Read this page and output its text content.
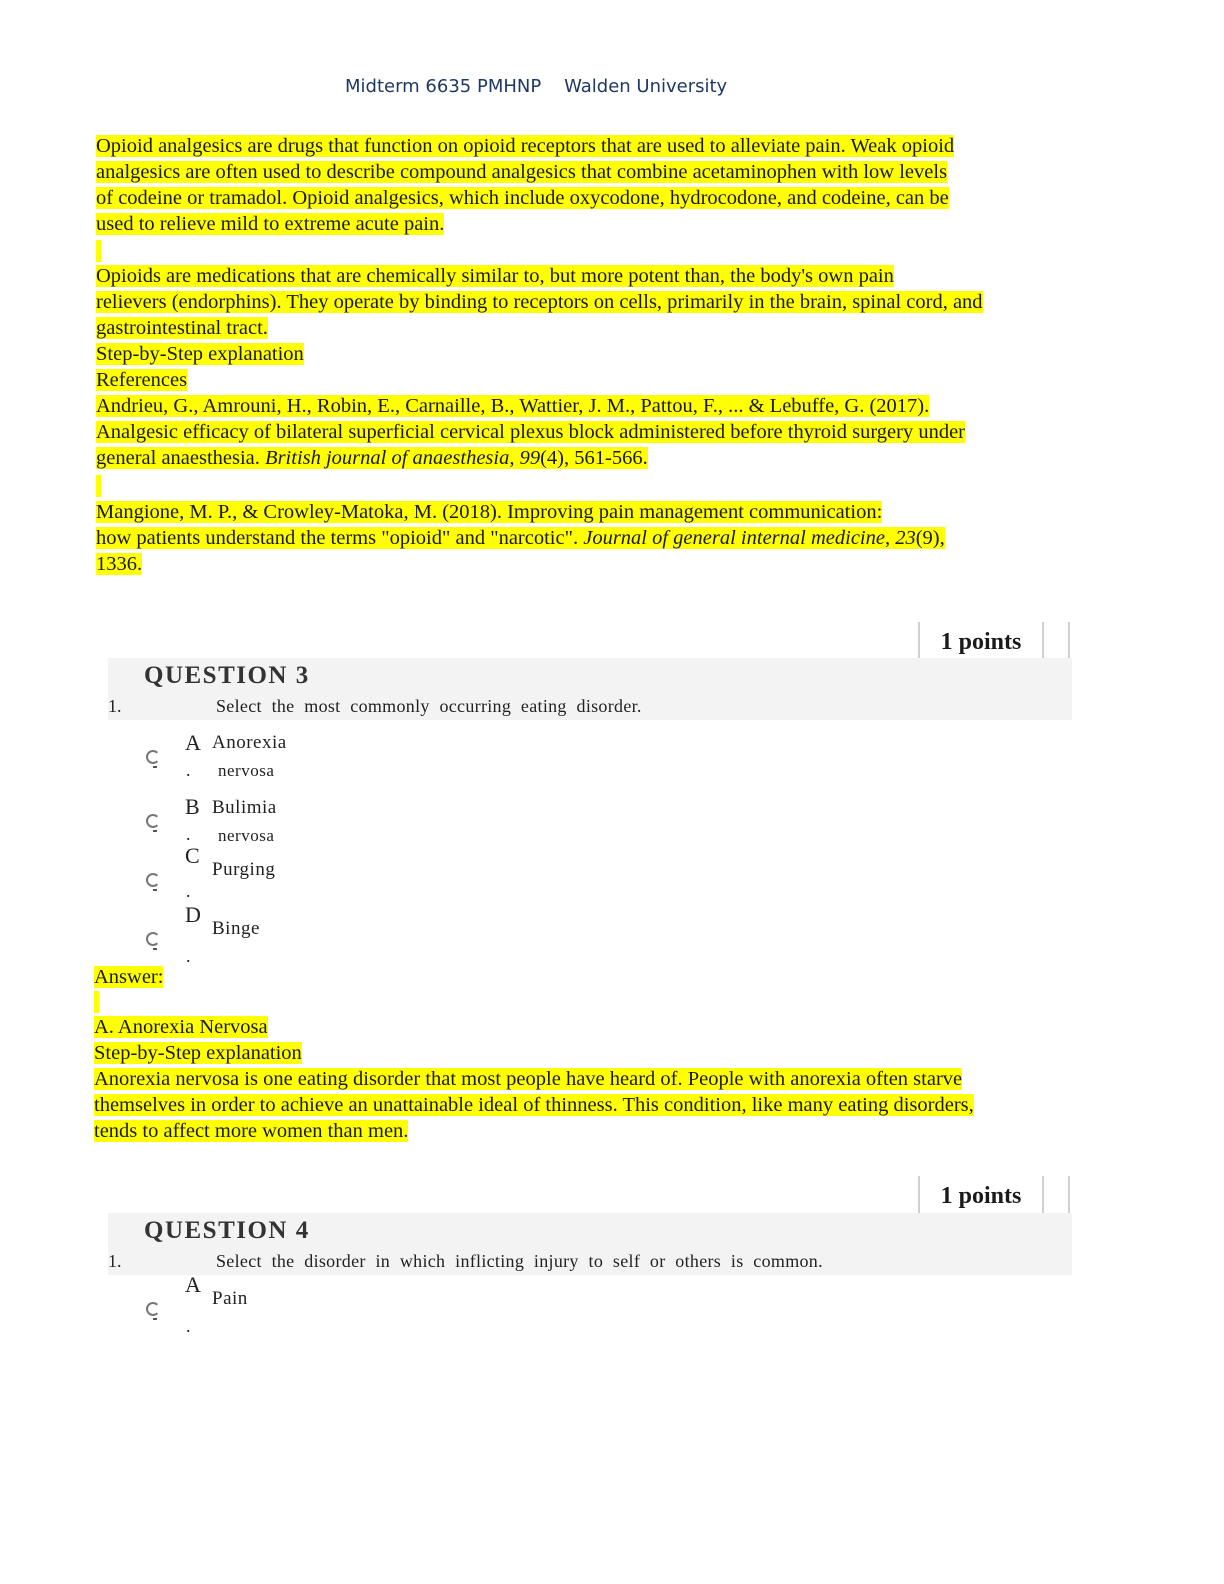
Midterm 6635 PMHNP    Walden University
Opioid analgesics are drugs that function on opioid receptors that are used to alleviate pain. Weak opioid
analgesics are often used to describe compound analgesics that combine acetaminophen with low levels
of codeine or tramadol. Opioid analgesics, which include oxycodone, hydrocodone, and codeine, can be
used to relieve mild to extreme acute pain.
Opioids are medications that are chemically similar to, but more potent than, the body's own pain
relievers (endorphins). They operate by binding to receptors on cells, primarily in the brain, spinal cord, and
gastrointestinal tract.
Step-by-Step explanation
References
Andrieu, G., Amrouni, H., Robin, E., Carnaille, B., Wattier, J. M., Pattou, F., ... & Lebuffe, G. (2017).
Analgesic efficacy of bilateral superficial cervical plexus block administered before thyroid surgery under
general anaesthesia. British journal of anaesthesia, 99(4), 561-566.
Mangione, M. P., & Crowley-Matoka, M. (2018). Improving pain management communication:
how patients understand the terms "opioid" and "narcotic". Journal of general internal medicine, 23(9),
1336.
1 points
QUESTION 3
1.	Select the most commonly occurring eating disorder.
A
.
Anorexia
nervosa
B
.
Bulimia
nervosa
C
.
Purging
D
.
Binge
Answer:
A. Anorexia Nervosa
Step-by-Step explanation
Anorexia nervosa is one eating disorder that most people have heard of. People with anorexia often starve
themselves in order to achieve an unattainable ideal of thinness. This condition, like many eating disorders,
tends to affect more women than men.
1 points
QUESTION 4
1.	Select the disorder in which inflicting injury to self or others is common.
A
.
Pain
